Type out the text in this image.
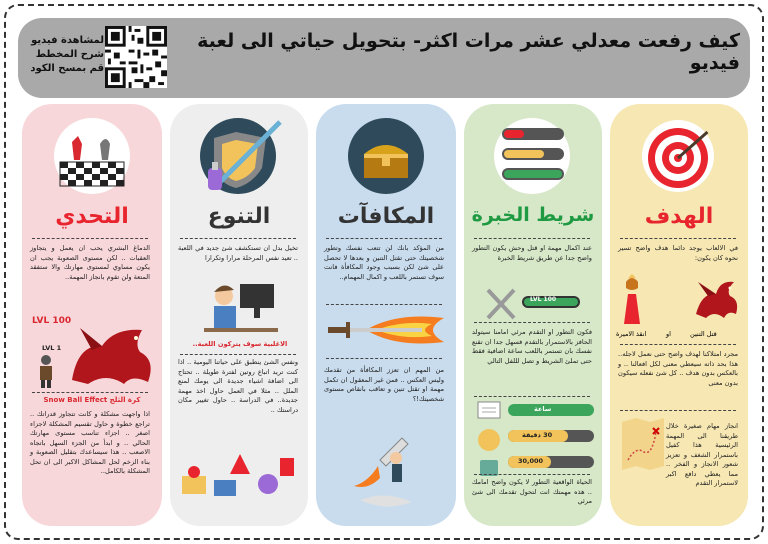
كيف رفعت معدلي عشر مرات اكثر- بتحويل حياتي الى لعبة فيديو
لمشاهدة فيديو
شرح المخطط
قم بمسح الكود
الهدف

في الالعاب يوجد دائما هدف واضح تسير نحوه كان يكون:

قتل التنين
او
انقذ الاميرة

مجرد امتلاكنا لهدف واضح حتى نعمل لاجله.. هذا بحد ذاته سيعطي معنى لكل افعالنا .. و بالعكس بدون هدف .. كل شئ نفعله سيكون بدون معنى

انجاز مهام صغيرة خلال طريقنا الى المهمة الرئيسية هذا كفيل باستمرار الشغف و تعزيز شعور الانجاز و الفخر .. مما يعطي دافع اكبر لاستمرار التقدم

شريط الخبرة

عند اكمال مهمة او قتل وحش يكون التطور واضح جدا عن طريق شريط الخبرة

LVL 100

فكون التطور او التقدم مرئي امامنا سيتولد الحافز بالاستمرار بالتقدم فسهل جدا ان تقنع نفسك بان تستمر باللعب ساعة اضافية فقط حتى تملئ الشريط و تصل لللفل التالي

ساعة
30 دقيقة
30,000

الحياة الواقعية التطور لا يكون واضح امامك .. هذه مهمتك انت لتحول تقدمك الى شئ مرئي

المكافآت

من المؤكد بانك لن تتعب نفسك وتطور شخصيتك حتى تقتل التنين و بعدها لا تحصل على شئ لكن بسبب وجود المكافأة فانت سوف تستمر باللعب و اكمال المهمام..

من المهم ان تعزز المكافأة من تقدمك وليس العكس .. فمن غير المعقول ان تكمل مهمة او تقتل تنين و تعاقب بانقاص مستوى شخصيتك!؟

التنوع

تخيل بدل ان تستكشف شئ جديد في اللعبة .. تعيد نفس المرحلة مرارا وتكرارا

الاغلبية سوف يتركون اللعبة..

ونفس الشئ ينطبق على حياتنا اليومية .. اذا كنت تريد اتباع روتين لفترة طويلة .. تحتاج الى اضافة اشياء جديدة الى يومك لمنع الملل .. مثلا في العمل حاول اخذ مهمة جديدة.. في الدراسة .. حاول تغيير مكان دراستك ..

التحدي

الدماغ البشري يحب ان يعمل و يتجاوز العقبات .. لكن مستوى الصعوبة يجب ان يكون مساوي لمستوى مهارتك والا ستفقد المتعة ولن تقوم بانجاز المهمة..

LVL 100
LVL 1
كرة الثلج Snow Ball Effect

اذا واجهت مشكلة و كانت تتجاوز قدراتك .. تراجع خطوة و حاول تقسيم المشكلة لاجزاء اصغر .. اجزاء تناسب مستوى مهارتك الحالي .. و ابدأ من الجزء السهل باتجاه الاصعب .. هذا سيساعدك بتقليل الصعوبة و بناء الزخم لحل المشاكل الاكبر الى ان تحل المشكلة بالكامل..
